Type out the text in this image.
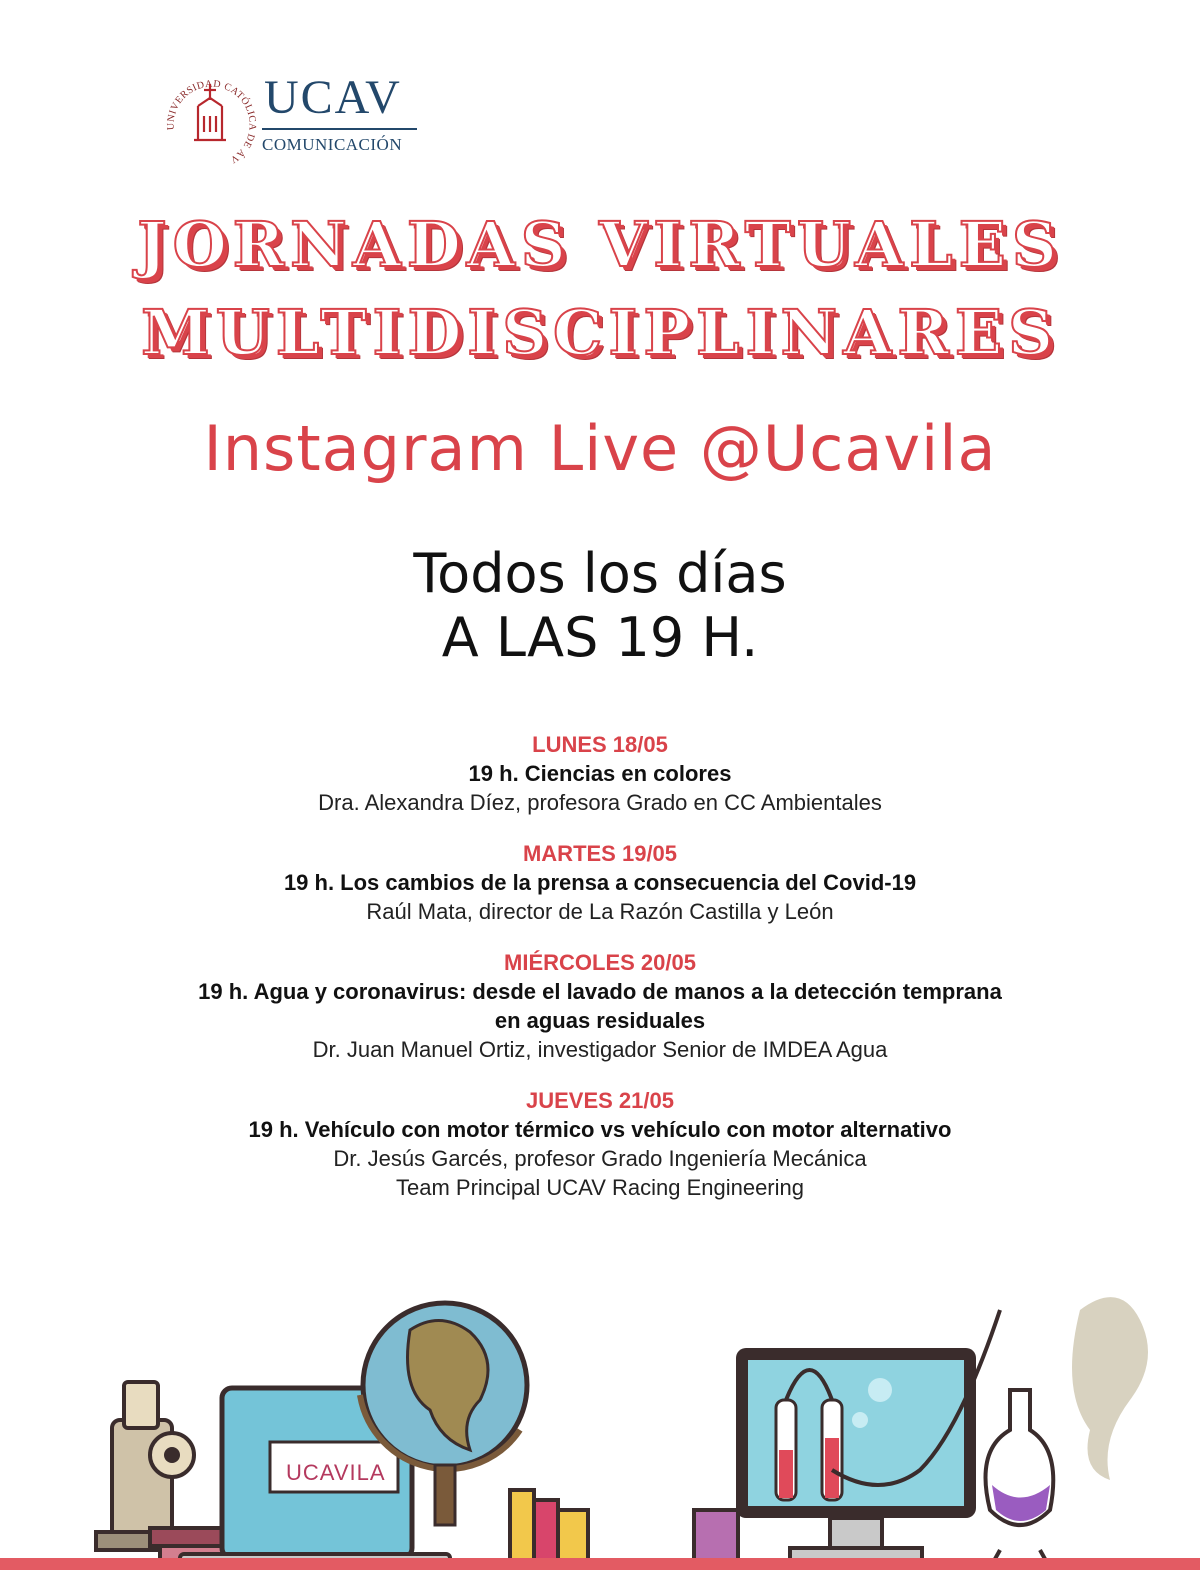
UNIVERSIDAD CATÓLICA DE ÁV
UCAV
COMUNICACIÓN
JORNADAS VIRTUALES
MULTIDISCIPLINARES
Instagram Live @Ucavila
Todos los días
A LAS 19 H.
LUNES 18/05
19 h. Ciencias en colores
Dra. Alexandra Díez, profesora Grado en CC Ambientales
MARTES 19/05
19 h. Los cambios de la prensa a consecuencia del Covid-19
Raúl Mata, director de La Razón Castilla y León
MIÉRCOLES 20/05
19 h. Agua y coronavirus: desde el lavado de manos a la detección temprana
en aguas residuales
Dr. Juan Manuel Ortiz, investigador Senior de IMDEA Agua
JUEVES 21/05
19 h. Vehículo con motor térmico vs vehículo con motor alternativo
Dr. Jesús Garcés, profesor Grado Ingeniería Mecánica
Team Principal UCAV Racing Engineering
UCAVILA
